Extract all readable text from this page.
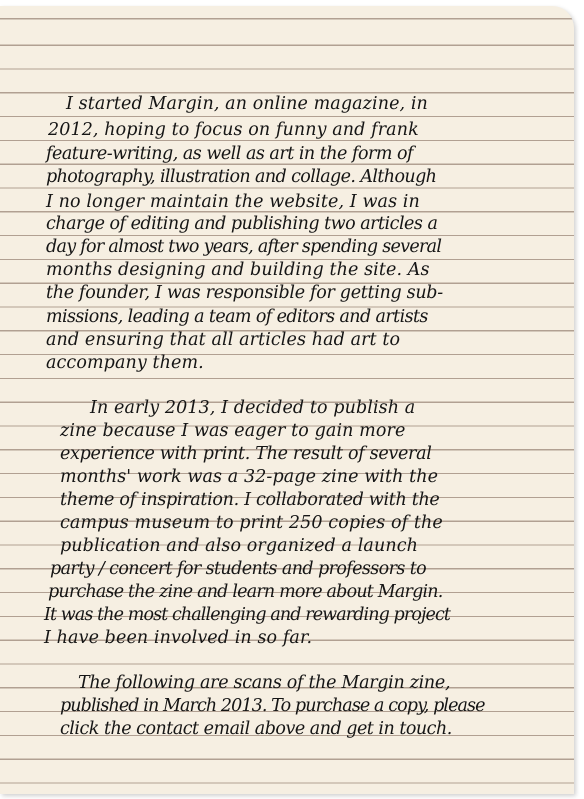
I started Margin, an online magazine, in
2012, hoping to focus on funny and frank
feature-writing, as well as art in the form of
photography, illustration and collage. Although
I no longer maintain the website, I was in
charge of editing and publishing two articles a
day for almost two years, after spending several
months designing and building the site. As
the founder, I was responsible for getting sub-
missions, leading a team of editors and artists
and ensuring that all articles had art to
accompany them.
In early 2013, I decided to publish a
zine because I was eager to gain more
experience with print. The result of several
months' work was a 32-page zine with the
theme of inspiration. I collaborated with the
campus museum to print 250 copies of the
publication and also organized a launch
party / concert for students and professors to
purchase the zine and learn more about Margin.
It was the most challenging and rewarding project
I have been involved in so far.
The following are scans of the Margin zine,
published in March 2013. To purchase a copy, please
click the contact email above and get in touch.
